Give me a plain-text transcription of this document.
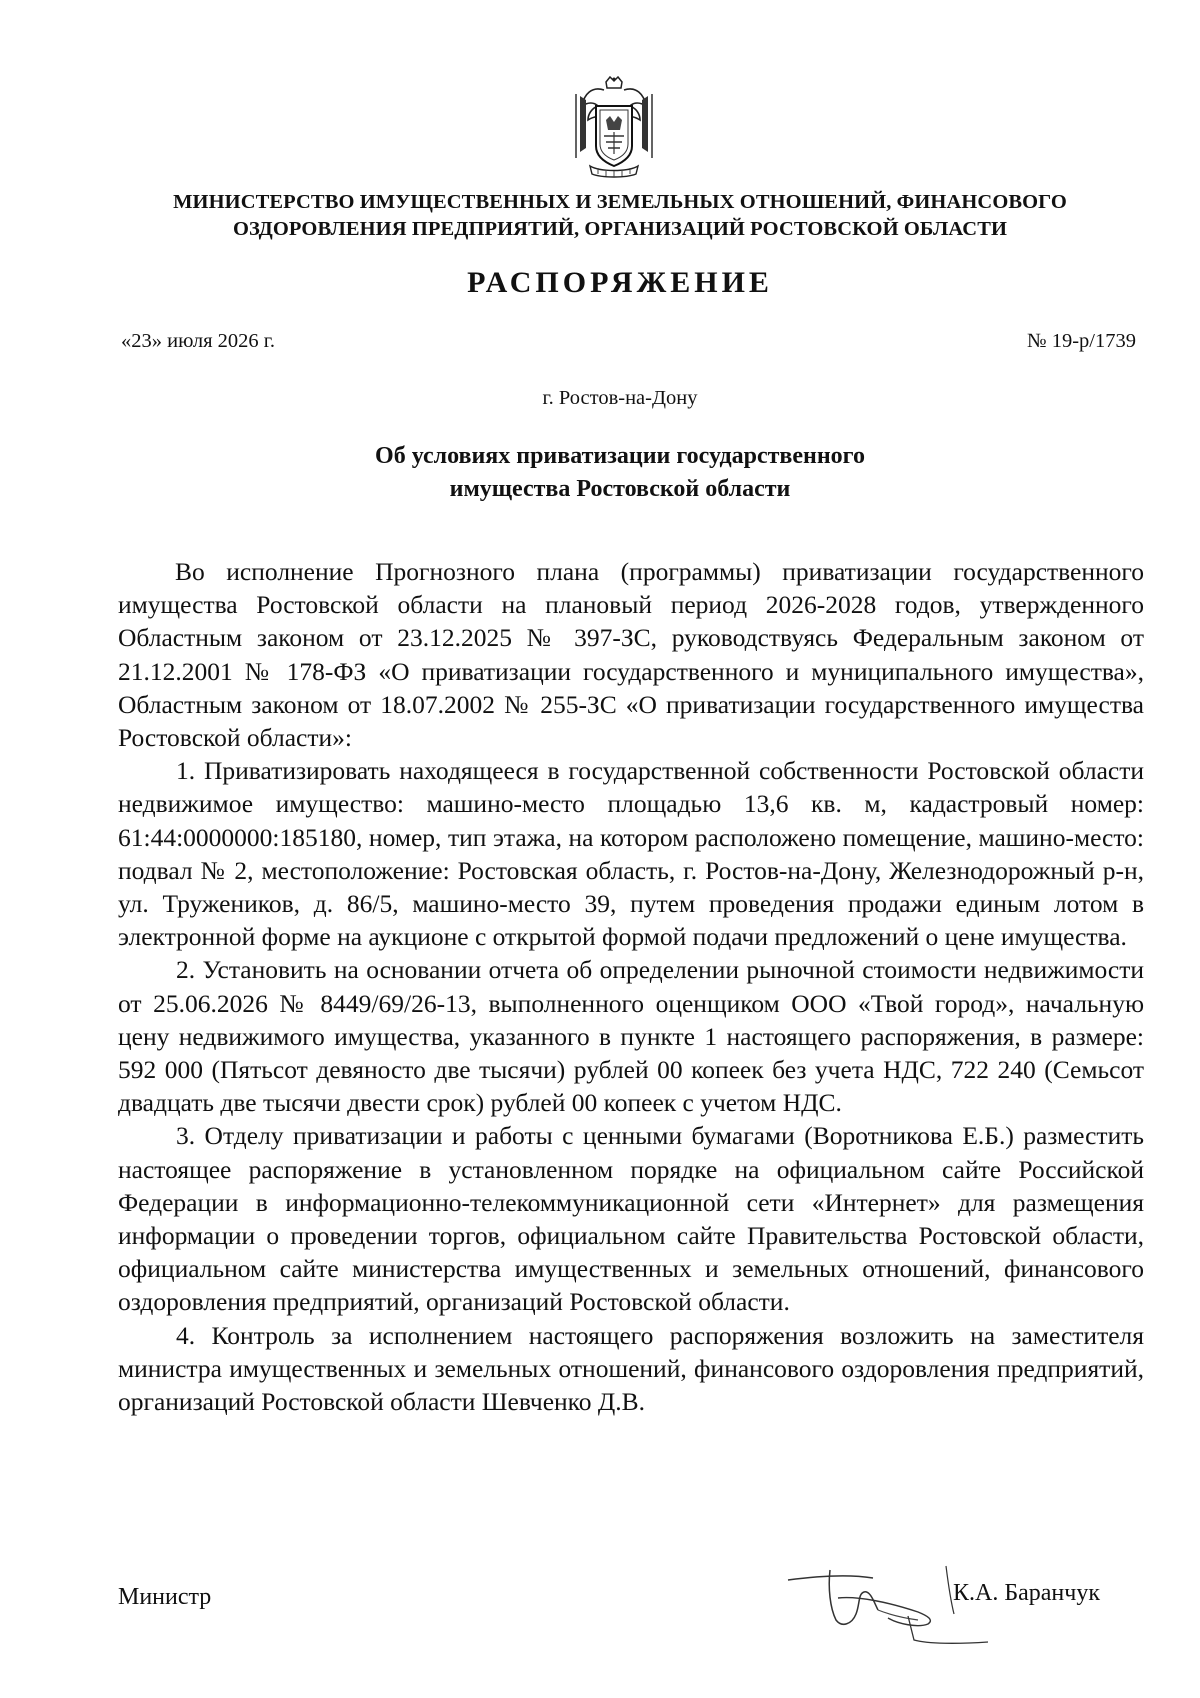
МИНИСТЕРСТВО ИМУЩЕСТВЕННЫХ И ЗЕМЕЛЬНЫХ ОТНОШЕНИЙ, ФИНАНСОВОГО
ОЗДОРОВЛЕНИЯ ПРЕДПРИЯТИЙ, ОРГАНИЗАЦИЙ РОСТОВСКОЙ ОБЛАСТИ
РАСПОРЯЖЕНИЕ
«23» июля 2026 г.	№ 19-р/1739
г. Ростов-на-Дону
Об условиях приватизации государственного
имущества Ростовской области

Во исполнение Прогнозного плана (программы) приватизации государственного имущества Ростовской области на плановый период 2026-2028 годов, утвержденного Областным законом от 23.12.2025 № 397-ЗС, руководствуясь Федеральным законом от 21.12.2001 № 178-ФЗ «О приватизации государственного и муниципального имущества», Областным законом от 18.07.2002 № 255-ЗС «О приватизации государственного имущества Ростовской области»:

1. Приватизировать находящееся в государственной собственности Ростовской области недвижимое имущество: машино-место площадью 13,6 кв. м, кадастровый номер: 61:44:0000000:185180, номер, тип этажа, на котором расположено помещение, машино-место: подвал № 2, местоположение: Ростовская область, г. Ростов-на-Дону, Железнодорожный р-н, ул. Тружеников, д. 86/5, машино-место 39, путем проведения продажи единым лотом в электронной форме на аукционе с открытой формой подачи предложений о цене имущества.

2. Установить на основании отчета об определении рыночной стоимости недвижимости от 25.06.2026 № 8449/69/26-13, выполненного оценщиком ООО «Твой город», начальную цену недвижимого имущества, указанного в пункте 1 настоящего распоряжения, в размере: 592 000 (Пятьсот девяносто две тысячи) рублей 00 копеек без учета НДС, 722 240 (Семьсот двадцать две тысячи двести срок) рублей 00 копеек с учетом НДС.

3. Отделу приватизации и работы с ценными бумагами (Воротникова Е.Б.) разместить настоящее распоряжение в установленном порядке на официальном сайте Российской Федерации в информационно-телекоммуникационной сети «Интернет» для размещения информации о проведении торгов, официальном сайте Правительства Ростовской области, официальном сайте министерства имущественных и земельных отношений, финансового оздоровления предприятий, организаций Ростовской области.

4. Контроль за исполнением настоящего распоряжения возложить на заместителя министра имущественных и земельных отношений, финансового оздоровления предприятий, организаций Ростовской области Шевченко Д.В.

Министр	К.А. Баранчук
